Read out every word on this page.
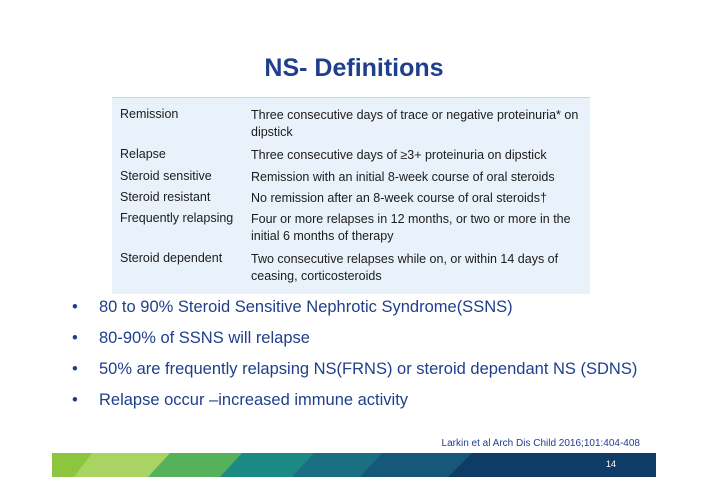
NS- Definitions
Remission	Three consecutive days of trace or negative proteinuria* on dipstick
Relapse	Three consecutive days of ≥3+ proteinuria on dipstick
Steroid sensitive	Remission with an initial 8-week course of oral steroids
Steroid resistant	No remission after an 8-week course of oral steroids†
Frequently relapsing Four or more relapses in 12 months, or two or more in the initial 6 months of therapy
Steroid dependent Two consecutive relapses while on, or within 14 days of ceasing, corticosteroids
• 80 to 90% Steroid Sensitive Nephrotic Syndrome(SSNS)
• 80-90% of SSNS will relapse
• 50% are frequently relapsing NS(FRNS) or steroid dependant NS (SDNS)
• Relapse occur –increased immune activity
Larkin et al Arch Dis Child 2016;101:404-408
14
